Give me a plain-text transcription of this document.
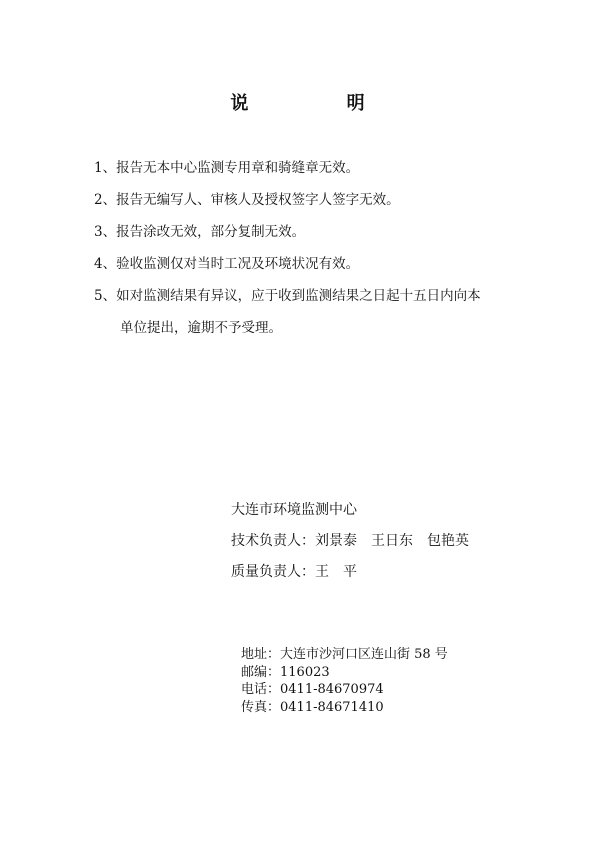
说 明
1、报告无本中心监测专用章和骑缝章无效。
2、报告无编写人、审核人及授权签字人签字无效。
3、报告涂改无效，部分复制无效。
4、验收监测仅对当时工况及环境状况有效。
5、如对监测结果有异议，应于收到监测结果之日起十五日内向本
单位提出，逾期不予受理。
大连市环境监测中心
技术负责人：刘景泰　王日东　包艳英
质量负责人：王　平
地址：大连市沙河口区连山街 58 号
邮编：116023
电话：0411-84670974
传真：0411-84671410
